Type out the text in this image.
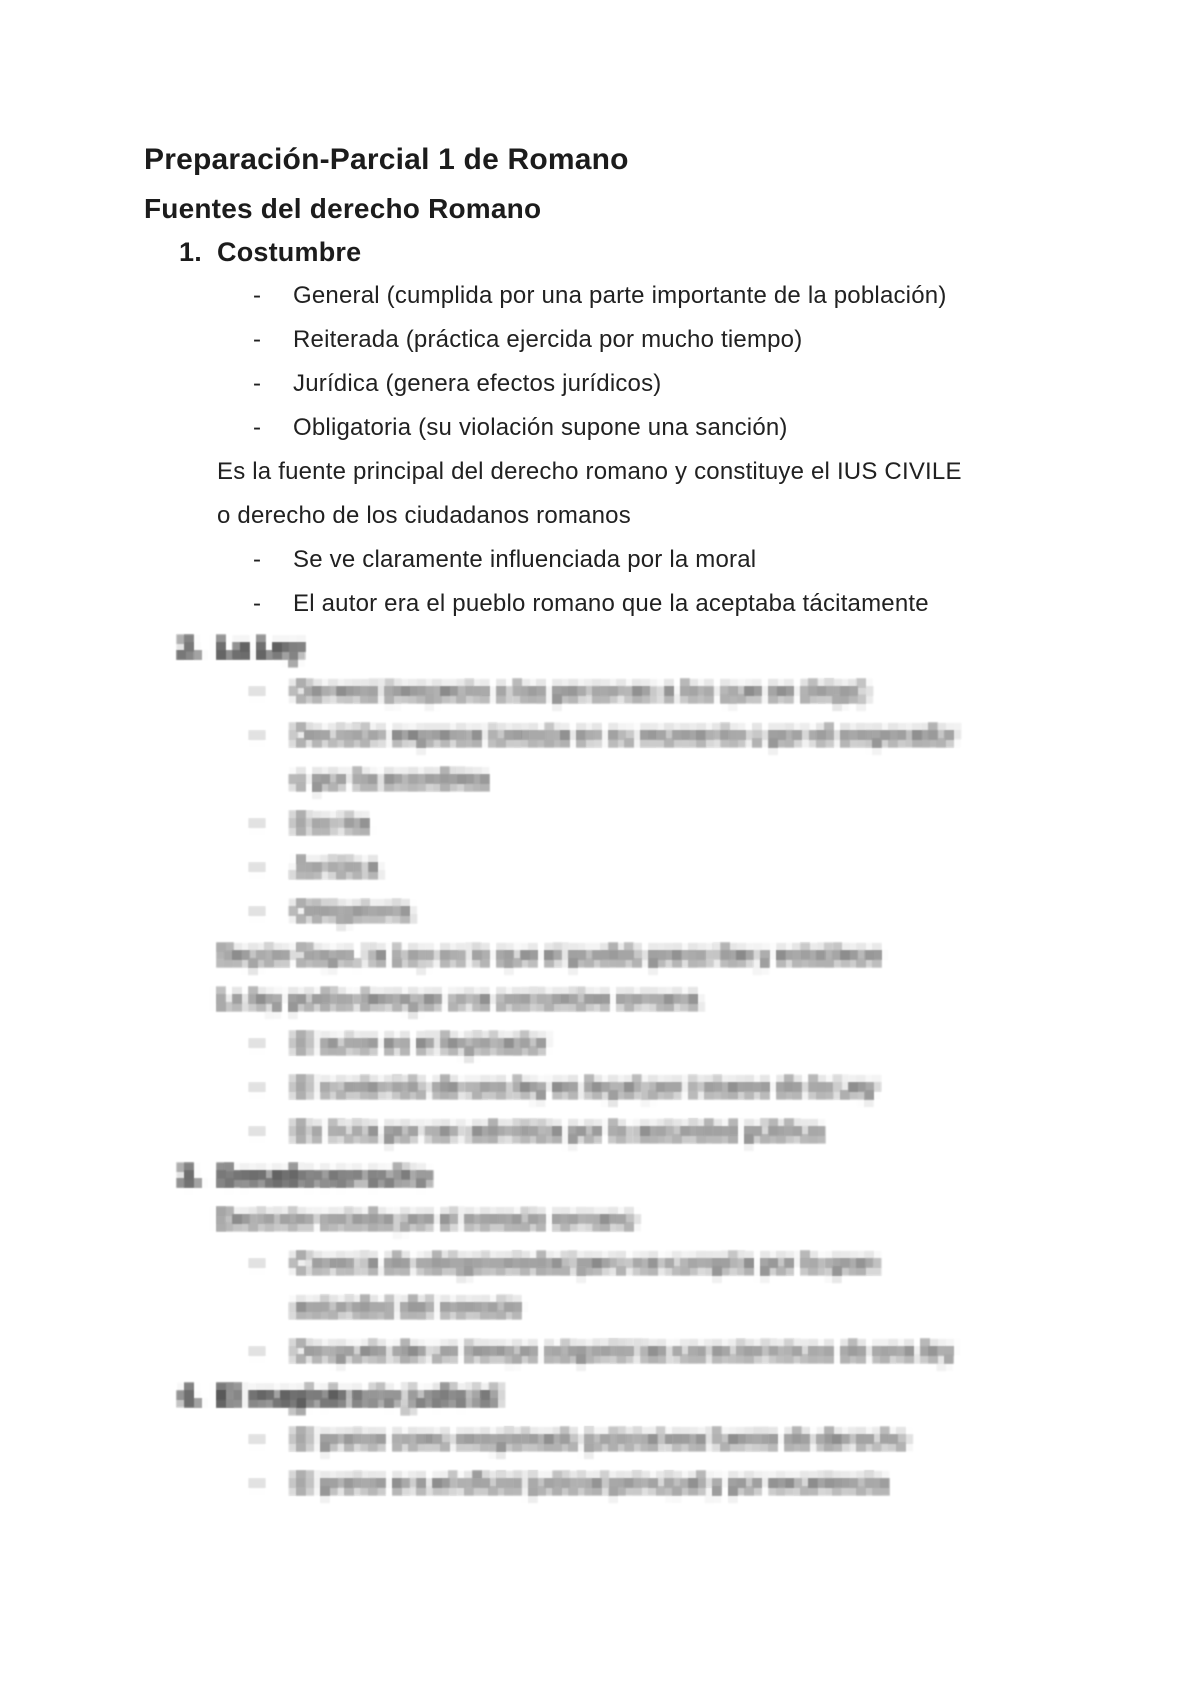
Preparación-Parcial 1 de Romano
Fuentes del derecho Romano
1. Costumbre
- General (cumplida por una parte importante de la población)
- Reiterada (práctica ejercida por mucho tiempo)
- Jurídica (genera efectos jurídicos)
- Obligatoria (su violación supone una sanción)
Es la fuente principal del derecho romano y constituye el IUS CIVILE
o derecho de los ciudadanos romanos
- Se ve claramente influenciada por la moral
- El autor era el pueblo romano que la aceptaba tácitamente
2. La Ley
- General (respecto a las personas a las que se dirige)
- Decisión expresa tomada en su momento o por el emperador
o por la asamblea
- Escrita
- Jurídica
- Obligatoria
Según Gayo, la Ley es lo que el pueblo prescribe y establece
La ley podía derogar una costumbre romana
- El autor es el legislador
- El contenido de una ley es legal por tratarse de la Ley
- Es lícita por ser admitida por la autoridad pública
3. Senadoconsulto
Decisión votada por el senado romano
- Carecía de obligatoriedad pero se cumplía por la gran
autoridad del senado
- Después de un tiempo adquirió las características de una ley
4. El magistrado judicial
- El pretor como magistrado judicial era fuente de derecho
- El pretor era el oficial judicial principal y por excelencia
